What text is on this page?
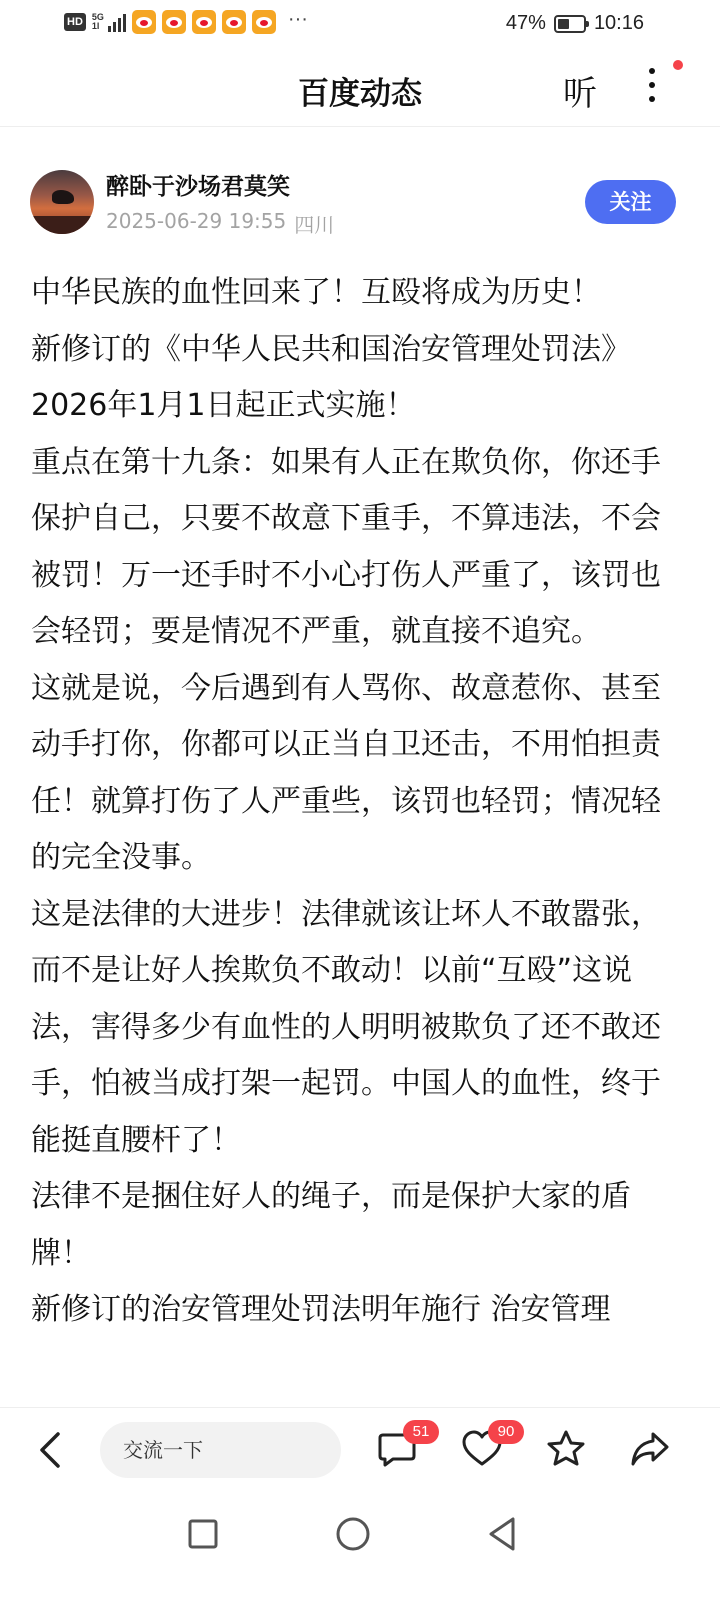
HD	5G
1l	···	47% 10:16
百度动态	听
醉卧于沙场君莫笑
2025-06-29 19:55 四川
关注

中华民族的血性回来了！互殴将成为历史！

新修订的《中华人民共和国治安管理处罚法》2026年1月1日起正式实施！

重点在第十九条：如果有人正在欺负你，你还手保护自己，只要不故意下重手，不算违法，不会被罚！万一还手时不小心打伤人严重了，该罚也会轻罚；要是情况不严重，就直接不追究。

这就是说，今后遇到有人骂你、故意惹你、甚至动手打你，你都可以正当自卫还击，不用怕担责任！就算打伤了人严重些，该罚也轻罚；情况轻的完全没事。

这是法律的大进步！法律就该让坏人不敢嚣张，而不是让好人挨欺负不敢动！以前“互殴”这说法，害得多少有血性的人明明被欺负了还不敢还手，怕被当成打架一起罚。中国人的血性，终于能挺直腰杆了！

法律不是捆住好人的绳子，而是保护大家的盾牌！

新修订的治安管理处罚法明年施行 治安管理

交流一下
51	90
